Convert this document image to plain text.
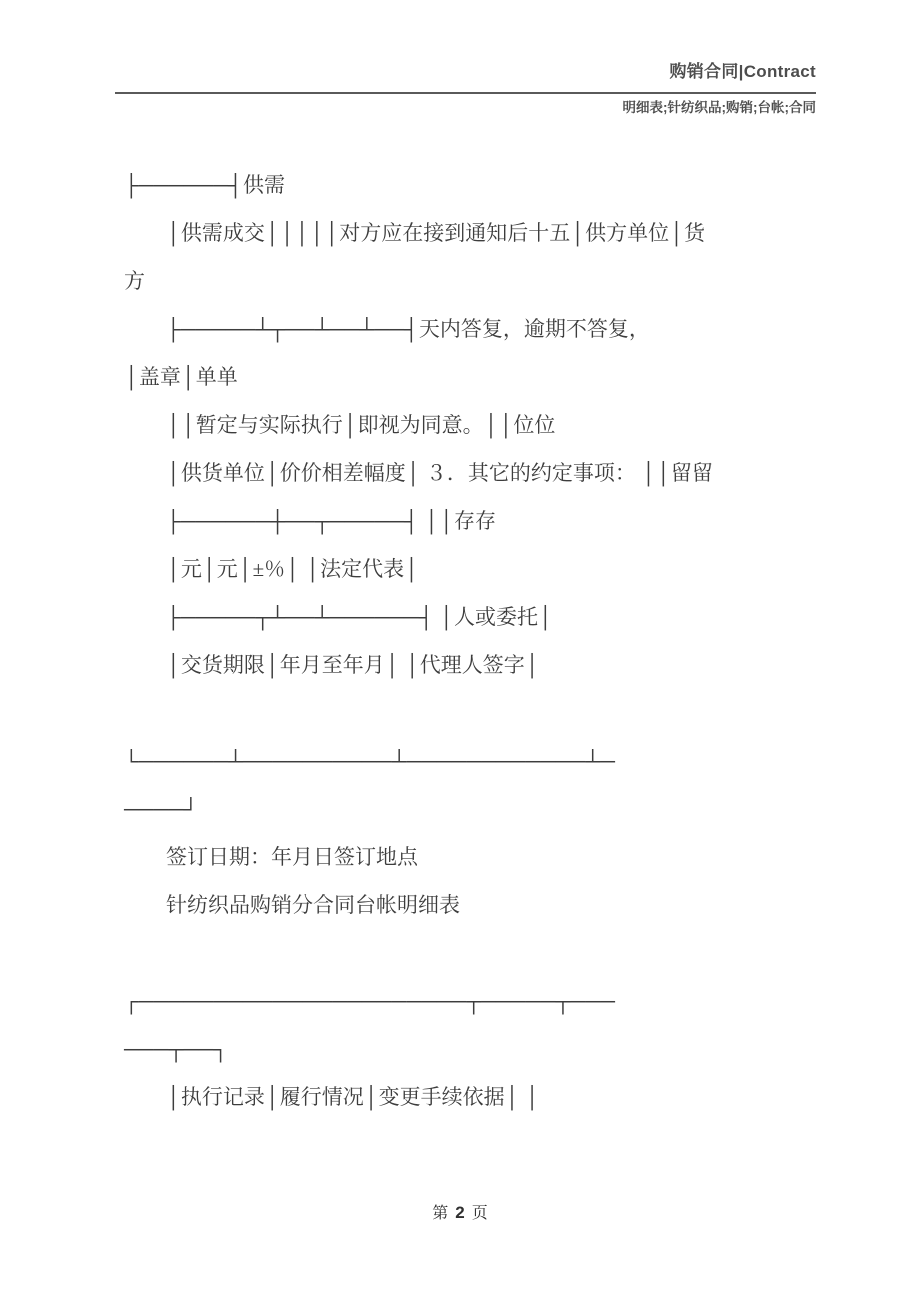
购销合同|Contract
明细表;针纺织品;购销;台帐;合同
├──────┤供需
│供需成交│││││对方应在接到通知后十五│供方单位│货
方
├─────┴┬──┴──┴──┤天内答复，逾期不答复，
│盖章│单单
││暂定与实际执行│即视为同意。││位位
│供货单位│价价相差幅度│ ３．其它的约定事项： ││留留
├──────┼──┬─────┤ ││存存
│元│元│±％│ │法定代表│
├─────┬┴──┴──────┤ │人或委托│
│交货期限│年月至年月│ │代理人签字│
└──────┴──────────┴────────────┴─
────┘
签订日期：年月日签订地点
针纺织品购销分合同台帐明细表
┌──────────────────────┬─────┬───
───┬──┐
│执行记录│履行情况│变更手续依据│ │
第 2 页
